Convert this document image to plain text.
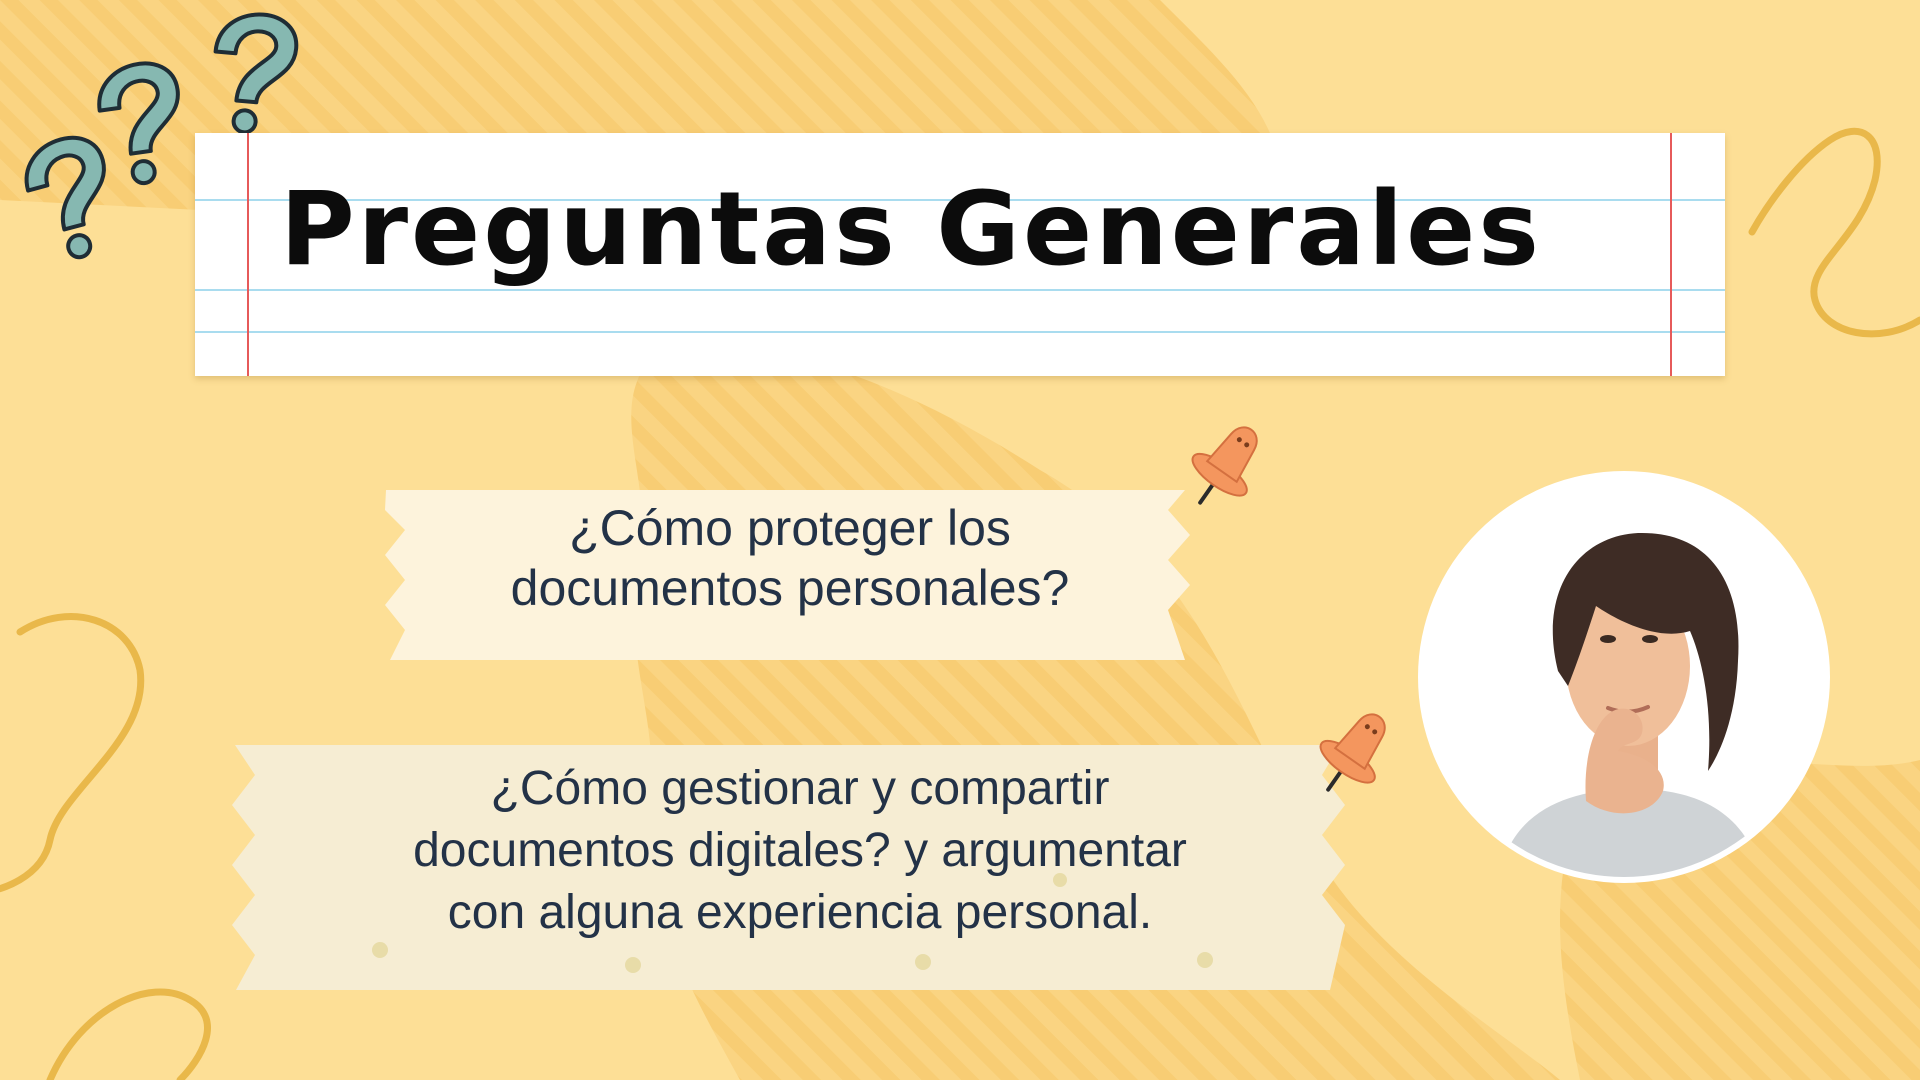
Preguntas Generales
¿Cómo proteger los
documentos personales?
¿Cómo gestionar y compartir
documentos digitales? y argumentar
con alguna experiencia personal.
